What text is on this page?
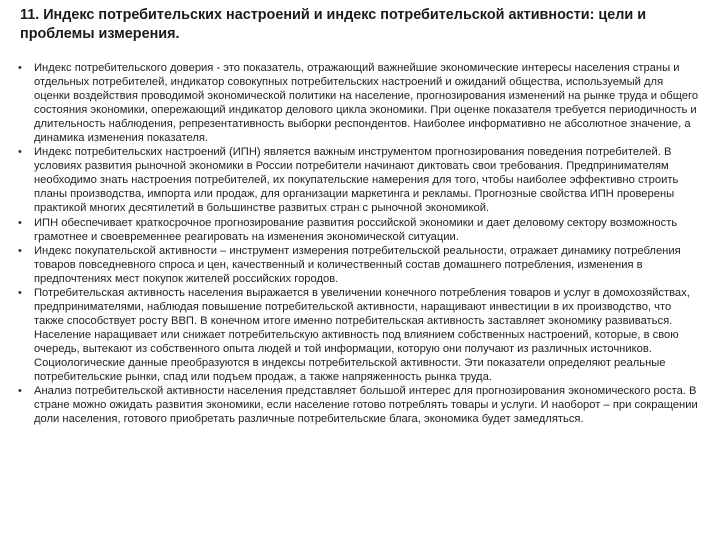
11. Индекс потребительских настроений и индекс потребительской активности: цели и проблемы измерения.
•	Индекс потребительского доверия - это показатель, отражающий важнейшие экономические интересы населения страны и отдельных потребителей, индикатор совокупных потребительских настроений и ожиданий общества, используемый для оценки воздействия проводимой экономической политики на население, прогнозирования изменений на рынке труда и общего состояния экономики, опережающий индикатор делового цикла экономики. При оценке показателя требуется периодичность и длительность наблюдения, репрезентативность выборки респондентов. Наиболее информативно не абсолютное значение, а динамика изменения показателя.
•	Индекс потребительских настроений (ИПН) является важным инструментом прогнозирования поведения потребителей. В условиях развития рыночной экономики в России потребители начинают диктовать свои требования. Предпринимателям необходимо знать настроения потребителей, их покупательские намерения для того, чтобы наиболее эффективно строить планы производства, импорта или продаж, для организации маркетинга и рекламы. Прогнозные свойства ИПН проверены практикой многих десятилетий в большинстве развитых стран с рыночной экономикой.
•	ИПН обеспечивает краткосрочное прогнозирование развития российской экономики и дает деловому сектору возможность грамотнее и своевременнее реагировать на изменения экономической ситуации.
•	Индекс покупательской активности – инструмент измерения потребительской реальности, отражает динамику потребления товаров повседневного спроса и цен, качественный и количественный состав домашнего потребления, изменения в предпочтениях мест покупок жителей российских городов.
•	Потребительская активность населения выражается в увеличении конечного потребления товаров и услуг в домохозяйствах, предпринимателями, наблюдая повышение потребительской активности, наращивают инвестиции в их производство, что также способствует росту ВВП. В конечном итоге именно потребительская активность заставляет экономику развиваться. Население наращивает или снижает потребительскую активность под влиянием собственных настроений, которые, в свою очередь, вытекают из собственного опыта людей и той информации, которую они получают из различных источников. Социологические данные преобразуются в индексы потребительской активности. Эти показатели определяют реальные потребительские рынки, спад или подъем продаж, а также напряженность рынка труда.
•	Анализ потребительской активности населения представляет большой интерес для прогнозирования экономического роста. В стране можно ожидать развития экономики, если население готово потреблять товары и услуги. И наоборот – при сокращении доли населения, готового приобретать различные потребительские блага, экономика будет замедляться.
